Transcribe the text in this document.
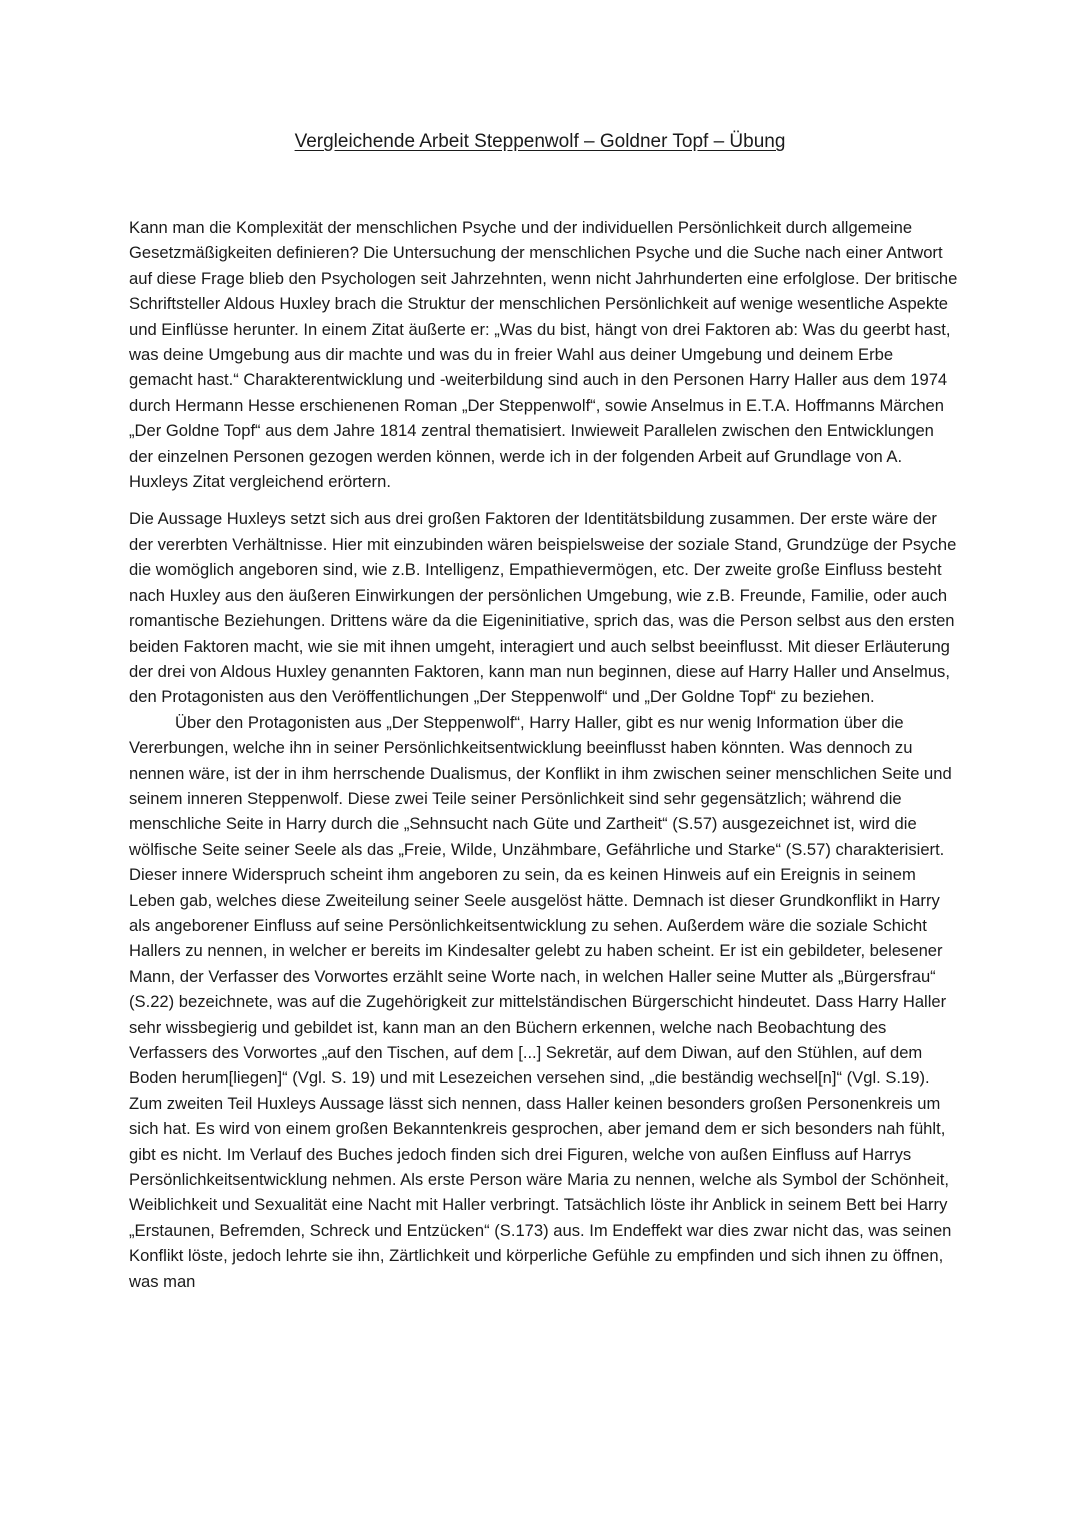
Vergleichende Arbeit Steppenwolf – Goldner Topf – Übung

Kann man die Komplexität der menschlichen Psyche und der individuellen Persönlichkeit durch allgemeine Gesetzmäßigkeiten definieren? Die Untersuchung der menschlichen Psyche und die Suche nach einer Antwort auf diese Frage blieb den Psychologen seit Jahrzehnten, wenn nicht Jahrhunderten eine erfolglose. Der britische Schriftsteller Aldous Huxley brach die Struktur der menschlichen Persönlichkeit auf wenige wesentliche Aspekte und Einflüsse herunter. In einem Zitat äußerte er: „Was du bist, hängt von drei Faktoren ab: Was du geerbt hast, was deine Umgebung aus dir machte und was du in freier Wahl aus deiner Umgebung und deinem Erbe gemacht hast.“ Charakterentwicklung und -weiterbildung sind auch in den Personen Harry Haller aus dem 1974 durch Hermann Hesse erschienenen Roman „Der Steppenwolf“, sowie Anselmus in E.T.A. Hoffmanns Märchen „Der Goldne Topf“ aus dem Jahre 1814 zentral thematisiert. Inwieweit Parallelen zwischen den Entwicklungen der einzelnen Personen gezogen werden können, werde ich in der folgenden Arbeit auf Grundlage von A. Huxleys Zitat vergleichend erörtern.

Die Aussage Huxleys setzt sich aus drei großen Faktoren der Identitätsbildung zusammen. Der erste wäre der der vererbten Verhältnisse. Hier mit einzubinden wären beispielsweise der soziale Stand, Grundzüge der Psyche die womöglich angeboren sind, wie z.B. Intelligenz, Empathievermögen, etc. Der zweite große Einfluss besteht nach Huxley aus den äußeren Einwirkungen der persönlichen Umgebung, wie z.B. Freunde, Familie, oder auch romantische Beziehungen. Drittens wäre da die Eigeninitiative, sprich das, was die Person selbst aus den ersten beiden Faktoren macht, wie sie mit ihnen umgeht, interagiert und auch selbst beeinflusst. Mit dieser Erläuterung der drei von Aldous Huxley genannten Faktoren, kann man nun beginnen, diese auf Harry Haller und Anselmus, den Protagonisten aus den Veröffentlichungen „Der Steppenwolf“ und „Der Goldne Topf“ zu beziehen.

Über den Protagonisten aus „Der Steppenwolf“, Harry Haller, gibt es nur wenig Information über die Vererbungen, welche ihn in seiner Persönlichkeitsentwicklung beeinflusst haben könnten. Was dennoch zu nennen wäre, ist der in ihm herrschende Dualismus, der Konflikt in ihm zwischen seiner menschlichen Seite und seinem inneren Steppenwolf. Diese zwei Teile seiner Persönlichkeit sind sehr gegensätzlich; während die menschliche Seite in Harry durch die „Sehnsucht nach Güte und Zartheit“ (S.57) ausgezeichnet ist, wird die wölfische Seite seiner Seele als das „Freie, Wilde, Unzähmbare, Gefährliche und Starke“ (S.57) charakterisiert. Dieser innere Widerspruch scheint ihm angeboren zu sein, da es keinen Hinweis auf ein Ereignis in seinem Leben gab, welches diese Zweiteilung seiner Seele ausgelöst hätte. Demnach ist dieser Grundkonflikt in Harry als angeborener Einfluss auf seine Persönlichkeitsentwicklung zu sehen. Außerdem wäre die soziale Schicht Hallers zu nennen, in welcher er bereits im Kindesalter gelebt zu haben scheint. Er ist ein gebildeter, belesener Mann, der Verfasser des Vorwortes erzählt seine Worte nach, in welchen Haller seine Mutter als „Bürgersfrau“ (S.22) bezeichnete, was auf die Zugehörigkeit zur mittelständischen Bürgerschicht hindeutet. Dass Harry Haller sehr wissbegierig und gebildet ist, kann man an den Büchern erkennen, welche nach Beobachtung des Verfassers des Vorwortes „auf den Tischen, auf dem [...] Sekretär, auf dem Diwan, auf den Stühlen, auf dem Boden herum[liegen]“ (Vgl. S. 19) und mit Lesezeichen versehen sind, „die beständig wechsel[n]“ (Vgl. S.19).

Zum zweiten Teil Huxleys Aussage lässt sich nennen, dass Haller keinen besonders großen Personenkreis um sich hat. Es wird von einem großen Bekanntenkreis gesprochen, aber jemand dem er sich besonders nah fühlt, gibt es nicht. Im Verlauf des Buches jedoch finden sich drei Figuren, welche von außen Einfluss auf Harrys Persönlichkeitsentwicklung nehmen. Als erste Person wäre Maria zu nennen, welche als Symbol der Schönheit, Weiblichkeit und Sexualität eine Nacht mit Haller verbringt. Tatsächlich löste ihr Anblick in seinem Bett bei Harry „Erstaunen, Befremden, Schreck und Entzücken“ (S.173) aus. Im Endeffekt war dies zwar nicht das, was seinen Konflikt löste, jedoch lehrte sie ihn, Zärtlichkeit und körperliche Gefühle zu empfinden und sich ihnen zu öffnen, was man
